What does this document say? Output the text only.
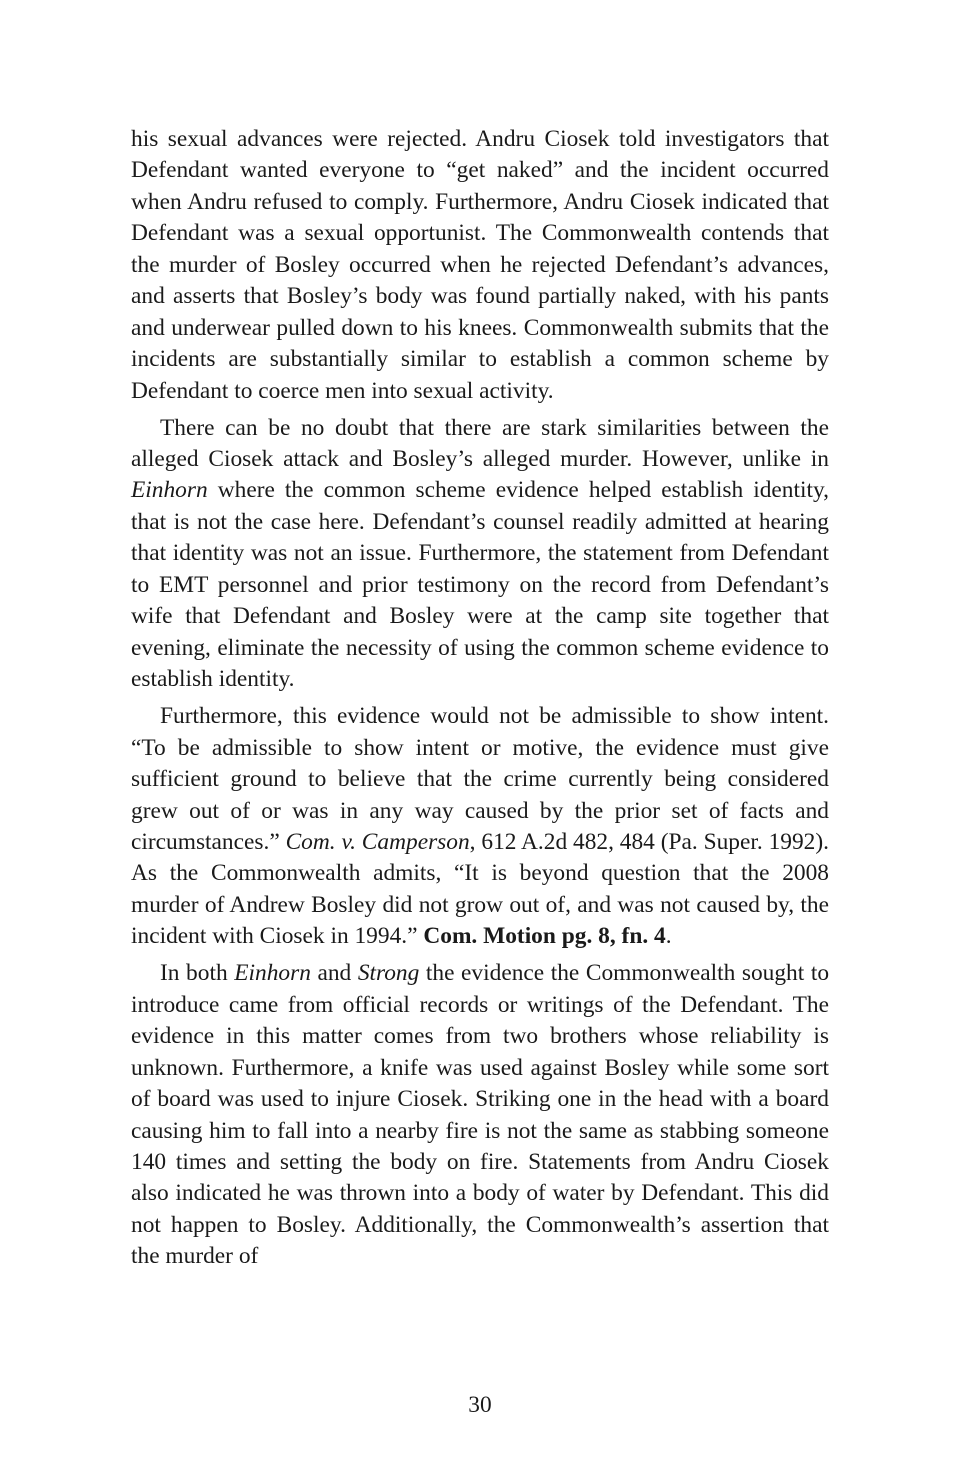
his sexual advances were rejected. Andru Ciosek told investigators that Defendant wanted everyone to “get naked” and the incident occurred when Andru refused to comply. Furthermore, Andru Ciosek indicated that Defendant was a sexual opportunist. The Commonwealth contends that the murder of Bosley occurred when he rejected Defendant’s advances, and asserts that Bosley’s body was found partially naked, with his pants and underwear pulled down to his knees. Commonwealth submits that the incidents are substantially similar to establish a common scheme by Defendant to coerce men into sexual activity.

There can be no doubt that there are stark similarities between the alleged Ciosek attack and Bosley’s alleged murder. However, unlike in Einhorn where the common scheme evidence helped establish identity, that is not the case here. Defendant’s counsel readily admitted at hearing that identity was not an issue. Furthermore, the statement from Defendant to EMT personnel and prior testimony on the record from Defendant’s wife that Defendant and Bosley were at the camp site together that evening, eliminate the necessity of using the common scheme evidence to establish identity.

Furthermore, this evidence would not be admissible to show intent. “To be admissible to show intent or motive, the evidence must give sufficient ground to believe that the crime currently being considered grew out of or was in any way caused by the prior set of facts and circumstances.” Com. v. Camperson, 612 A.2d 482, 484 (Pa. Super. 1992). As the Commonwealth admits, “It is beyond question that the 2008 murder of Andrew Bosley did not grow out of, and was not caused by, the incident with Ciosek in 1994.” Com. Motion pg. 8, fn. 4.

In both Einhorn and Strong the evidence the Commonwealth sought to introduce came from official records or writings of the Defendant. The evidence in this matter comes from two brothers whose reliability is unknown. Furthermore, a knife was used against Bosley while some sort of board was used to injure Ciosek. Striking one in the head with a board causing him to fall into a nearby fire is not the same as stabbing someone 140 times and setting the body on fire. Statements from Andru Ciosek also indicated he was thrown into a body of water by Defendant. This did not happen to Bosley. Additionally, the Commonwealth’s assertion that the murder of

30
